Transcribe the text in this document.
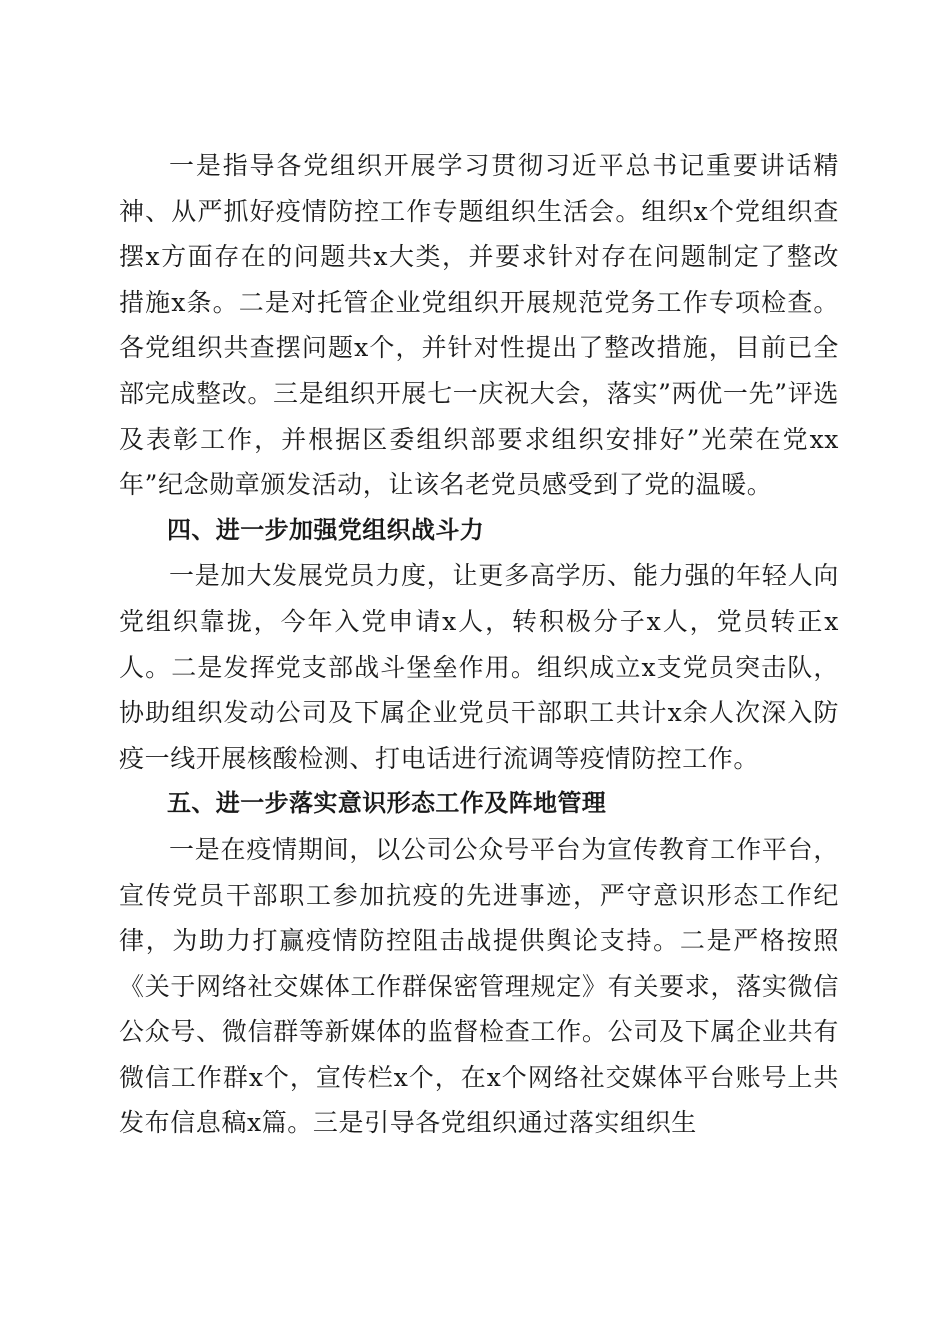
一是指导各党组织开展学习贯彻习近平总书记重要讲话精神、从严抓好疫情防控工作专题组织生活会。组织x个党组织查摆x方面存在的问题共x大类，并要求针对存在问题制定了整改措施x条。二是对托管企业党组织开展规范党务工作专项检查。各党组织共查摆问题x个，并针对性提出了整改措施，目前已全部完成整改。三是组织开展七一庆祝大会，落实”两优一先”评选及表彰工作，并根据区委组织部要求组织安排好”光荣在党xx年”纪念勋章颁发活动，让该名老党员感受到了党的温暖。

四、进一步加强党组织战斗力

一是加大发展党员力度，让更多高学历、能力强的年轻人向党组织靠拢，今年入党申请x人，转积极分子x人，党员转正x人。二是发挥党支部战斗堡垒作用。组织成立x支党员突击队，协助组织发动公司及下属企业党员干部职工共计x余人次深入防疫一线开展核酸检测、打电话进行流调等疫情防控工作。

五、进一步落实意识形态工作及阵地管理

一是在疫情期间，以公司公众号平台为宣传教育工作平台，宣传党员干部职工参加抗疫的先进事迹，严守意识形态工作纪律，为助力打赢疫情防控阻击战提供舆论支持。二是严格按照《关于网络社交媒体工作群保密管理规定》有关要求，落实微信公众号、微信群等新媒体的监督检查工作。公司及下属企业共有微信工作群x个，宣传栏x个，在x个网络社交媒体平台账号上共发布信息稿x篇。三是引导各党组织通过落实组织生
